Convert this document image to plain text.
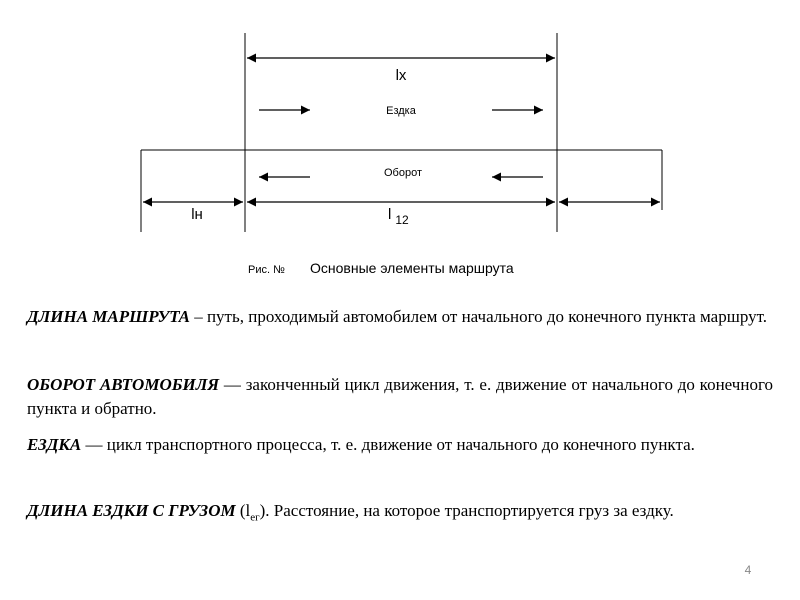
lх
Ездка
Оборот
lн	l $_{12}$
Рис. № Основные элементы маршрута

ДЛИНА МАРШРУТА – путь, проходимый автомобилем от начального до конечного пункта маршрут.

ОБОРОТ АВТОМОБИЛЯ — законченный цикл движения, т. е. движение от начального до конечного пункта и обратно.

ЕЗДКА — цикл транспортного процесса, т. е. движение от начального до конечного пункта.

ДЛИНА ЕЗДКИ С ГРУЗОМ $(l_{ег})$. Расстояние, на которое транспортируется груз за ездку.

4
